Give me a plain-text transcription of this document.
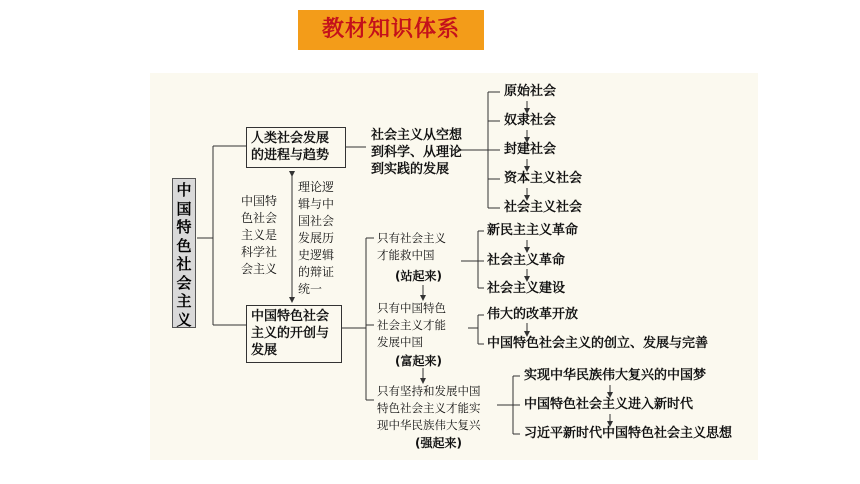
教材知识体系
中
国
特
色
社
会
主
义
人类社会发展
的进程与趋势
中国特色社会
主义的开创与
发展
中国特
色社会
主义是
科学社
会主义
理论逻
辑与中
国社会
发展历
史逻辑
的辩证
统一
社会主义从空想
到科学、从理论
到实践的发展
原始社会
奴隶社会
封建社会
资本主义社会
社会主义社会
只有社会主义
才能救中国
(站起来)
只有中国特色
社会主义才能
发展中国
(富起来)
只有坚持和发展中国
特色社会主义才能实
现中华民族伟大复兴
(强起来)
新民主主义革命
社会主义革命
社会主义建设
伟大的改革开放
中国特色社会主义的创立、发展与完善
实现中华民族伟大复兴的中国梦
中国特色社会主义进入新时代
习近平新时代中国特色社会主义思想
